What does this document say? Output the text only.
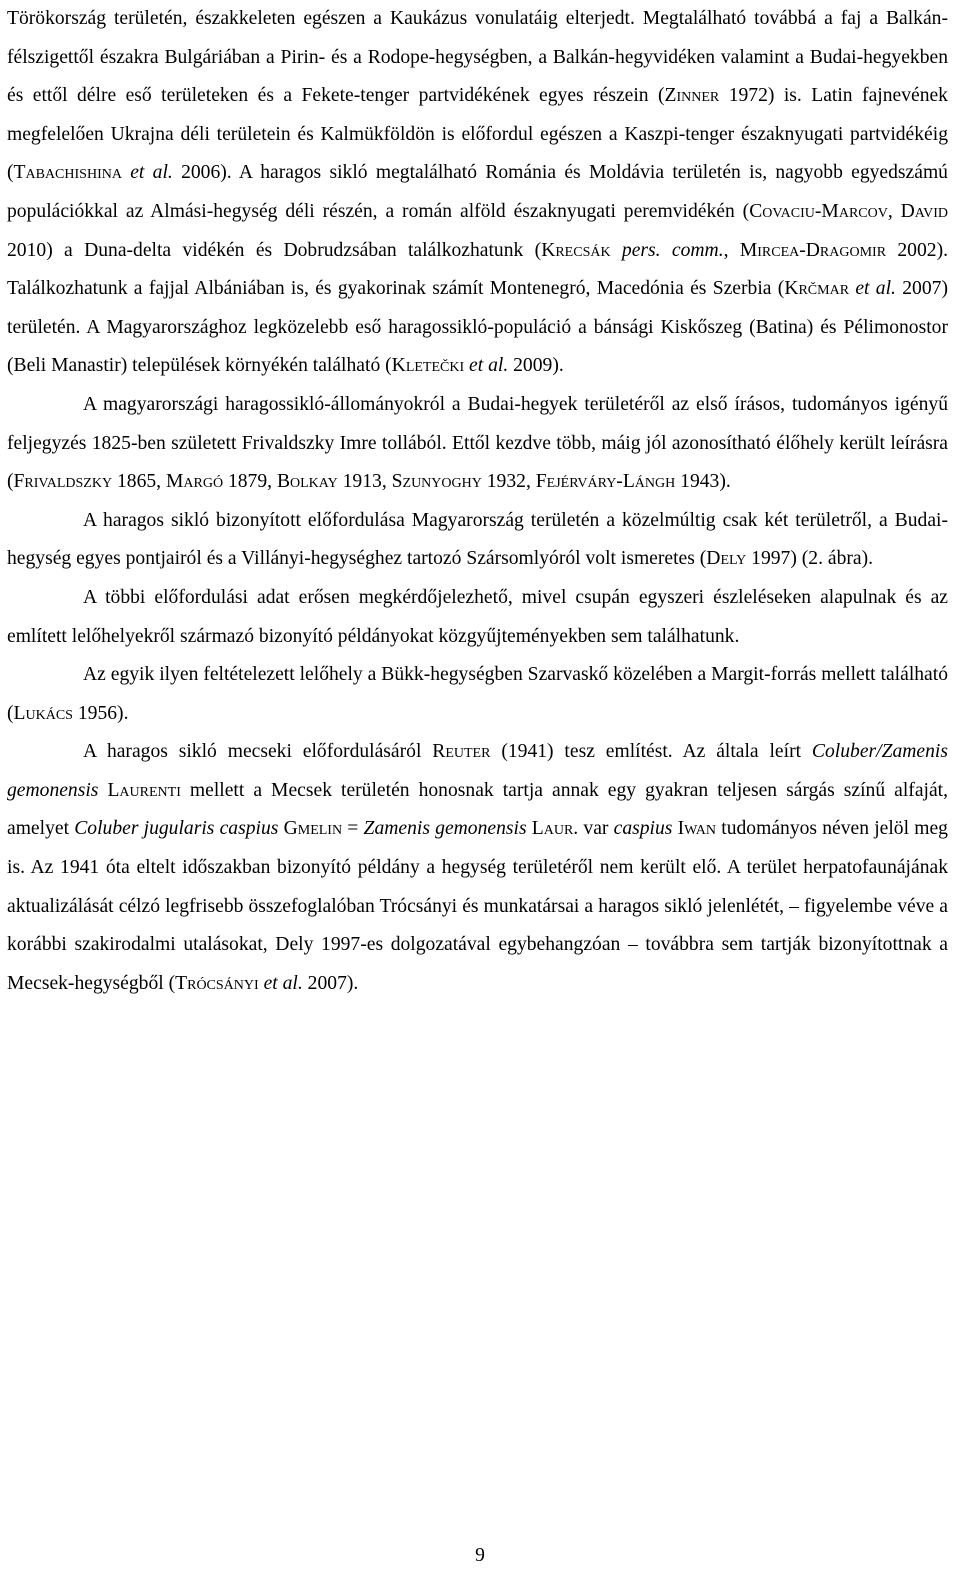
Törökország területén, északkeleten egészen a Kaukázus vonulatáig elterjedt. Megtalálható továbbá a faj a Balkán-félszigettől északra Bulgáriában a Pirin- és a Rodope-hegységben, a Balkán-hegyvidéken valamint a Budai-hegyekben és ettől délre eső területeken és a Fekete-tenger partvidékének egyes részein (Zinner 1972) is. Latin fajnevének megfelelően Ukrajna déli területein és Kalmükföldön is előfordul egészen a Kaszpi-tenger északnyugati partvidékéig (Tabachishina et al. 2006). A haragos sikló megtalálható Románia és Moldávia területén is, nagyobb egyedszámú populációkkal az Almási-hegység déli részén, a román alföld északnyugati peremvidékén (Covaciu-Marcov, David 2010) a Duna-delta vidékén és Dobrudzsában találkozhatunk (Krecsák pers. comm., Mircea-Dragomir 2002). Találkozhatunk a fajjal Albániában is, és gyakorinak számít Montenegró, Macedónia és Szerbia (Krčmar et al. 2007) területén. A Magyarországhoz legközelebb eső haragossikló-populáció a bánsági Kiskőszeg (Batina) és Pélimonostor (Beli Manastir) települések környékén található (Kletečki et al. 2009).

A magyarországi haragossikló-állományokról a Budai-hegyek területéről az első írásos, tudományos igényű feljegyzés 1825-ben született Frivaldszky Imre tollából. Ettől kezdve több, máig jól azonosítható élőhely került leírásra (Frivaldszky 1865, Margó 1879, Bolkay 1913, Szunyoghy 1932, Fejérváry-Lángh 1943).

A haragos sikló bizonyított előfordulása Magyarország területén a közelmúltig csak két területről, a Budai-hegység egyes pontjairól és a Villányi-hegységhez tartozó Szársomlyóról volt ismeretes (Dely 1997) (2. ábra).

A többi előfordulási adat erősen megkérdőjelezhető, mivel csupán egyszeri észleléseken alapulnak és az említett lelőhelyekről származó bizonyító példányokat közgyűjteményekben sem találhatunk.

Az egyik ilyen feltételezett lelőhely a Bükk-hegységben Szarvaskő közelében a Margit-forrás mellett található (Lukács 1956).

A haragos sikló mecseki előfordulásáról Reuter (1941) tesz említést. Az általa leírt Coluber/Zamenis gemonensis Laurenti mellett a Mecsek területén honosnak tartja annak egy gyakran teljesen sárgás színű alfaját, amelyet Coluber jugularis caspius Gmelin = Zamenis gemonensis Laur. var caspius Iwan tudományos néven jelöl meg is. Az 1941 óta eltelt időszakban bizonyító példány a hegység területéről nem került elő. A terület herpatofaunájának aktualizálását célzó legfrisebb összefoglalóban Trócsányi és munkatársai a haragos sikló jelenlétét, – figyelembe véve a korábbi szakirodalmi utalásokat, Dely 1997-es dolgozatával egybehangzóan – továbbra sem tartják bizonyítottnak a Mecsek-hegységből (Trócsányi et al. 2007).

9
